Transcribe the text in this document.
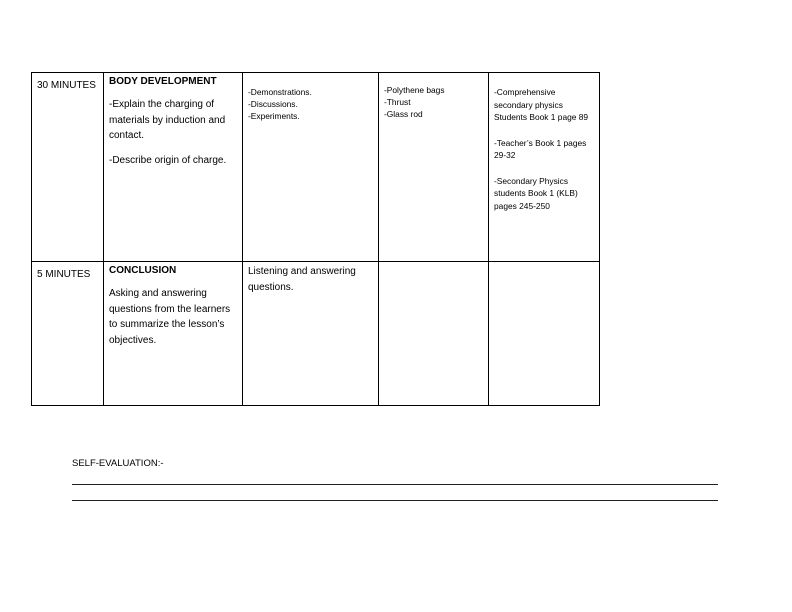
30 MINUTES	BODY DEVELOPMENT
-Explain the charging of materials by induction and contact.
-Describe origin of charge.	-Demonstrations.
-Discussions.
-Experiments.	-Polythene bags
-Thrust
-Glass rod	-Comprehensive secondary physics Students Book 1 page 89
-Teacher’s Book 1 pages 29-32
-Secondary Physics students Book 1 (KLB) pages 245-250

5 MINUTES	CONCLUSION
Asking and answering questions from the learners to summarize the lesson’s objectives.	Listening and answering questions.		

SELF-EVALUATION:-
